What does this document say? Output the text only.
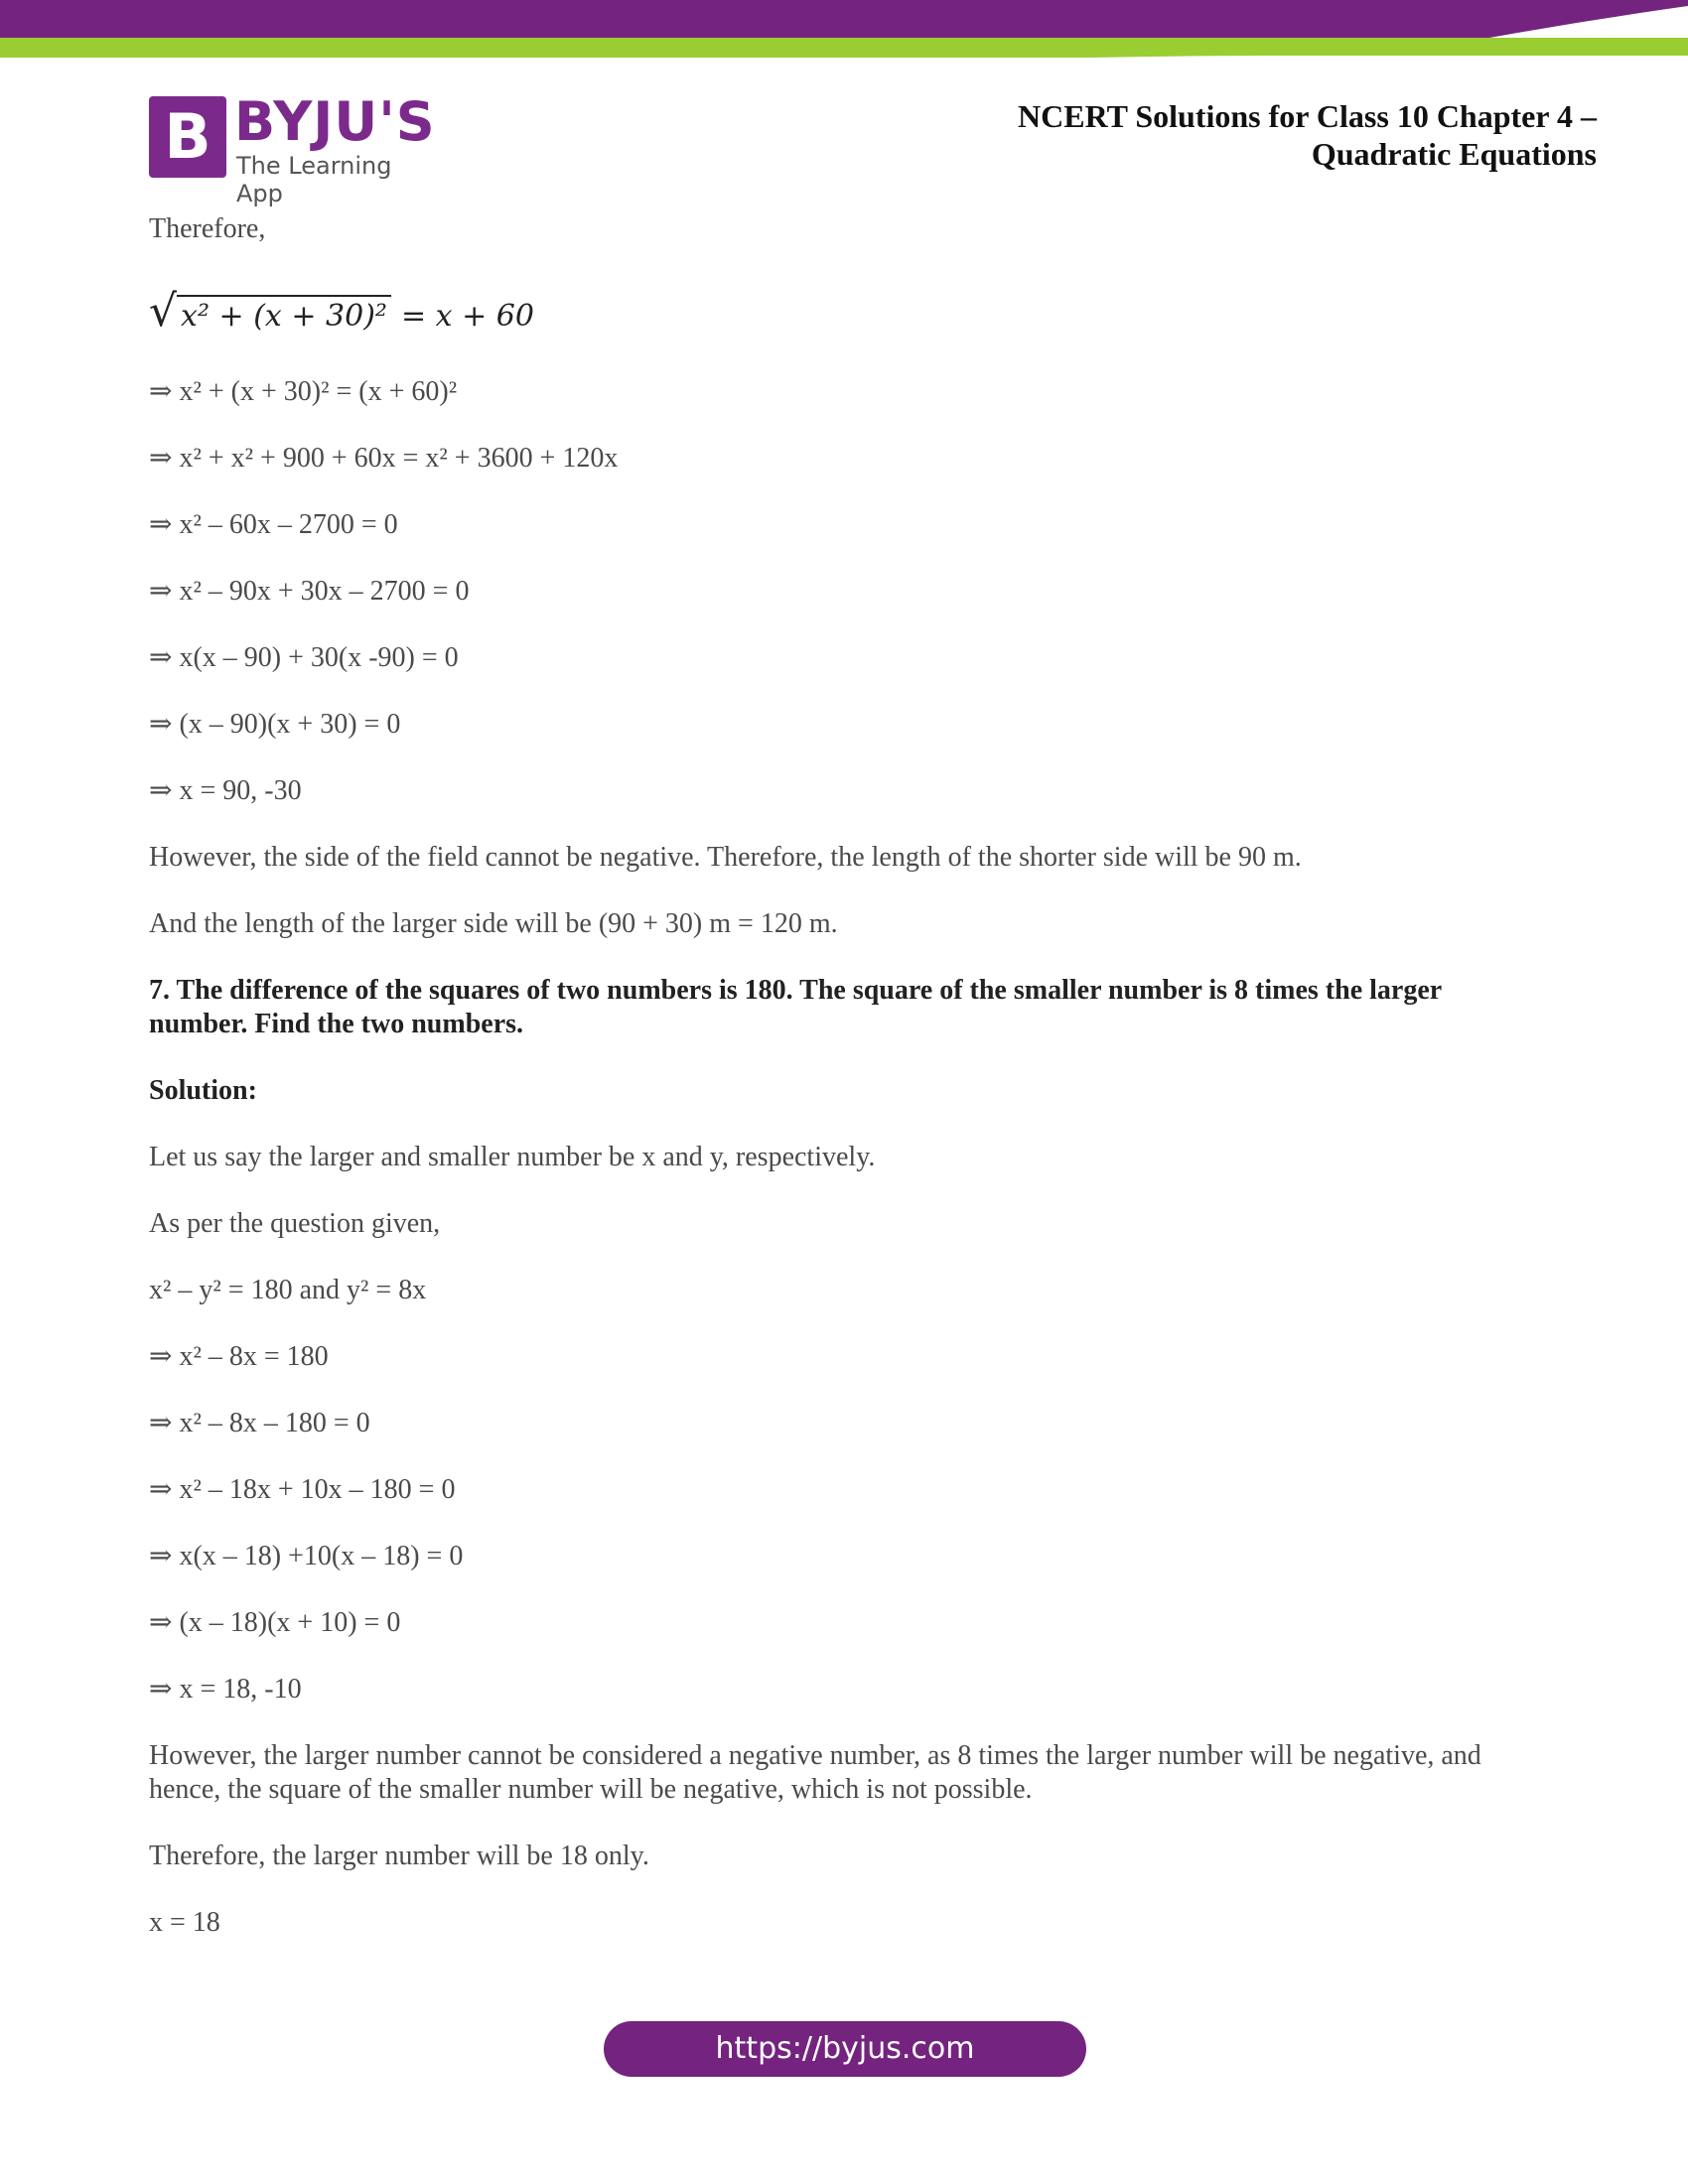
B BYJU'S
The Learning App
NCERT Solutions for Class 10 Chapter 4 –
Quadratic Equations

Therefore,

√ x² + (x + 30)² = x + 60

⇒ x² + (x + 30)² = (x + 60)²

⇒ x² + x² + 900 + 60x = x² + 3600 + 120x

⇒ x² – 60x – 2700 = 0

⇒ x² – 90x + 30x – 2700 = 0

⇒ x(x – 90) + 30(x -90) = 0

⇒ (x – 90)(x + 30) = 0

⇒ x = 90, -30

However, the side of the field cannot be negative. Therefore, the length of the shorter side will be 90 m.

And the length of the larger side will be (90 + 30) m = 120 m.

7. The difference of the squares of two numbers is 180. The square of the smaller number is 8 times the larger number. Find the two numbers.

Solution:

Let us say the larger and smaller number be x and y, respectively.

As per the question given,

x² – y² = 180 and y² = 8x

⇒ x² – 8x = 180

⇒ x² – 8x – 180 = 0

⇒ x² – 18x + 10x – 180 = 0

⇒ x(x – 18) +10(x – 18) = 0

⇒ (x – 18)(x + 10) = 0

⇒ x = 18, -10

However, the larger number cannot be considered a negative number, as 8 times the larger number will be negative, and hence, the square of the smaller number will be negative, which is not possible.

Therefore, the larger number will be 18 only.

x = 18

https://byjus.com
